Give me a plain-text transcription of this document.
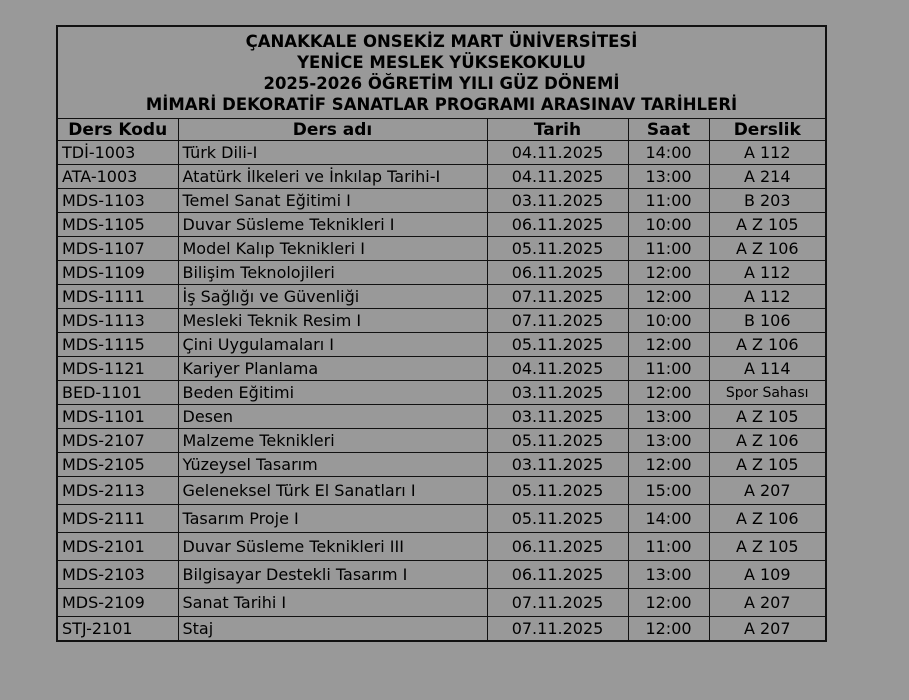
ÇANAKKALE ONSEKİZ MART ÜNİVERSİTESİ
YENİCE MESLEK YÜKSEKOKULU
2025-2026 ÖĞRETİM YILI GÜZ DÖNEMİ
MİMARİ DEKORATİF SANATLAR PROGRAMI ARASINAV TARİHLERİ
Ders Kodu	Ders adı	Tarih	Saat	Derslik
TDİ-1003	Türk Dili-I	04.11.2025	14:00	A 112
ATA-1003	Atatürk İlkeleri ve İnkılap Tarihi-I	04.11.2025	13:00	A 214
MDS-1103	Temel Sanat Eğitimi I	03.11.2025	11:00	B 203
MDS-1105	Duvar Süsleme Teknikleri I	06.11.2025	10:00	A Z 105
MDS-1107	Model Kalıp Teknikleri I	05.11.2025	11:00	A Z 106
MDS-1109	Bilişim Teknolojileri	06.11.2025	12:00	A 112
MDS-1111	İş Sağlığı ve Güvenliği	07.11.2025	12:00	A 112
MDS-1113	Mesleki Teknik Resim I	07.11.2025	10:00	B 106
MDS-1115	Çini Uygulamaları I	05.11.2025	12:00	A Z 106
MDS-1121	Kariyer Planlama	04.11.2025	11:00	A 114
BED-1101	Beden Eğitimi	03.11.2025	12:00	Spor Sahası
MDS-1101	Desen	03.11.2025	13:00	A Z 105
MDS-2107	Malzeme Teknikleri	05.11.2025	13:00	A Z 106
MDS-2105	Yüzeysel Tasarım	03.11.2025	12:00	A Z 105
MDS-2113	Geleneksel Türk El Sanatları I	05.11.2025	15:00	A 207
MDS-2111	Tasarım Proje I	05.11.2025	14:00	A Z 106
MDS-2101	Duvar Süsleme Teknikleri III	06.11.2025	11:00	A Z 105
MDS-2103	Bilgisayar Destekli Tasarım I	06.11.2025	13:00	A 109
MDS-2109	Sanat Tarihi I	07.11.2025	12:00	A 207
STJ-2101	Staj	07.11.2025	12:00	A 207
